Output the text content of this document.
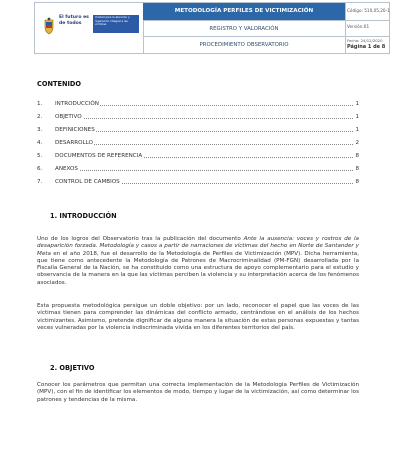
El futuro es de todos
Unidad para la atención y reparación integral a las víctimas
METODOLOGÍA PERFILES DE VICTIMIZACIÓN
REGISTRO Y VALORACIÓN
PROCEDIMIENTO OBSERVATORIO
Código: 510,05,20-1
Versión:01
Fecha: 24/12/2020
Página 1 de 8
CONTENIDO
1. INTRODUCCIÓN	1
2. OBJETIVO	1
3. DEFINICIONES	1
4. DESARROLLO	2
5. DOCUMENTOS DE REFERENCIA	8
6. ANEXOS	8
7. CONTROL DE CAMBIOS	8
1. INTRODUCCIÓN
Uno de los logros del Observatorio tras la publicación del documento Ante la ausencia: voces y rostros de la desaparición forzada. Metodología y casos a partir de narraciones de víctimas del hecho en Norte de Santander y Meta en el año 2018, fue el desarrollo de la Metodología de Perfiles de Victimización (MPV). Dicha herramienta, que tiene como antecedente la Metodología de Patrones de Macrocriminalidad (PM-FGN) desarrollada por la Fiscalía General de la Nación, se ha constituido como una estructura de apoyo complementario para el estudio y observancia de la manera en la que las víctimas perciben la violencia y su interpretación acerca de los fenómenos asociados.
Esta propuesta metodológica persigue un doble objetivo: por un lado, reconocer el papel que las voces de las víctimas tienen para comprender las dinámicas del conflicto armado, centrándose en el análisis de los hechos victimizantes. Asimismo, pretende dignificar de alguna manera la situación de estas personas expuestas y tantas veces vulneradas por la violencia indiscriminada vivida en los diferentes territorios del país.
2. OBJETIVO
Conocer los parámetros que permitan una correcta implementación de la Metodología Perfiles de Victimización (MPV), con el fin de identificar los elementos de modo, tiempo y lugar de la victimización, así como determinar los patrones y tendencias de la misma.
